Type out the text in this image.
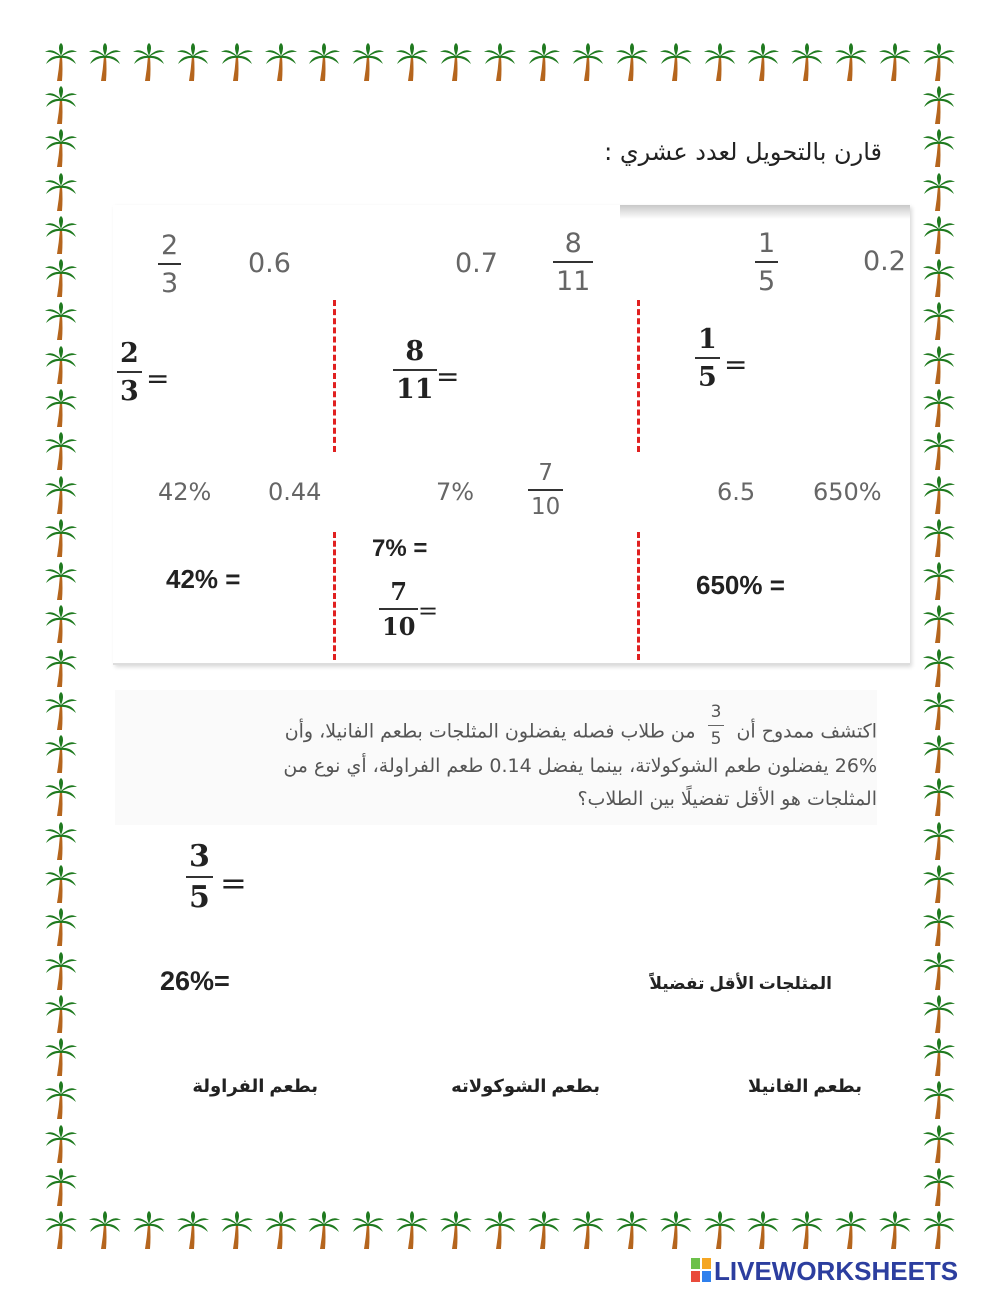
قارن بالتحويل لعدد عشري :
2
3
0.6	0.7
8
11
1
5
0.2
2
3 =
8
11 =
1
5 =
42% 0.44	7%
7
10
6.5 650%
42% =
7% =
7
10
=
650% =
اكتشف ممدوح أن
$\frac{3}{5}$
من طلاب فصله يفضلون المثلجات بطعم الفانيلا، وأن
26% يفضلون طعم الشوكولاتة، بينما يفضل 0.14 طعم الفراولة، أي نوع من
المثلجات هو الأقل تفضيلًا بين الطلاب؟
3
5 =
26%=	المثلجات الأقل تفضيلاً
بطعم الفانيلا
بطعم الشوكولاته
بطعم الفراولة
LIVEWORKSHEETS
